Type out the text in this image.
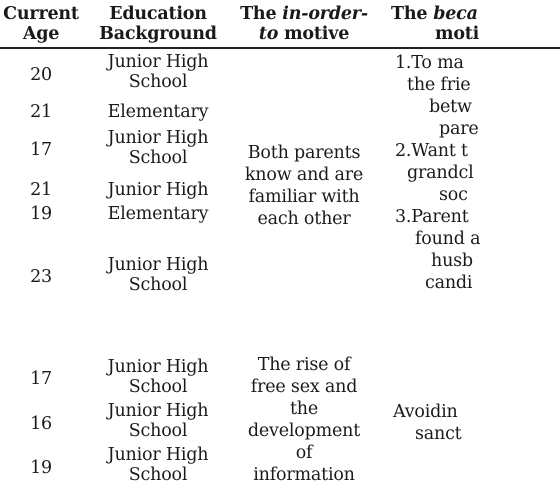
Current
Age
Education
Background
The in-order-
to motive
The beca
moti
20
21
17
21
19
23
17
16
19
Junior High
School
Elementary
Junior High
School
Junior High
Elementary
Junior High
School
Junior High
School
Junior High
School
Junior High
School
Both parents
know and are
familiar with
each other
The rise of
free sex and
the
development
of
information
1.To ma
the frie
betw
pare
2.Want t
grandcl
soc
3.Parent
found a
husb
candi
Avoidin
sanct
